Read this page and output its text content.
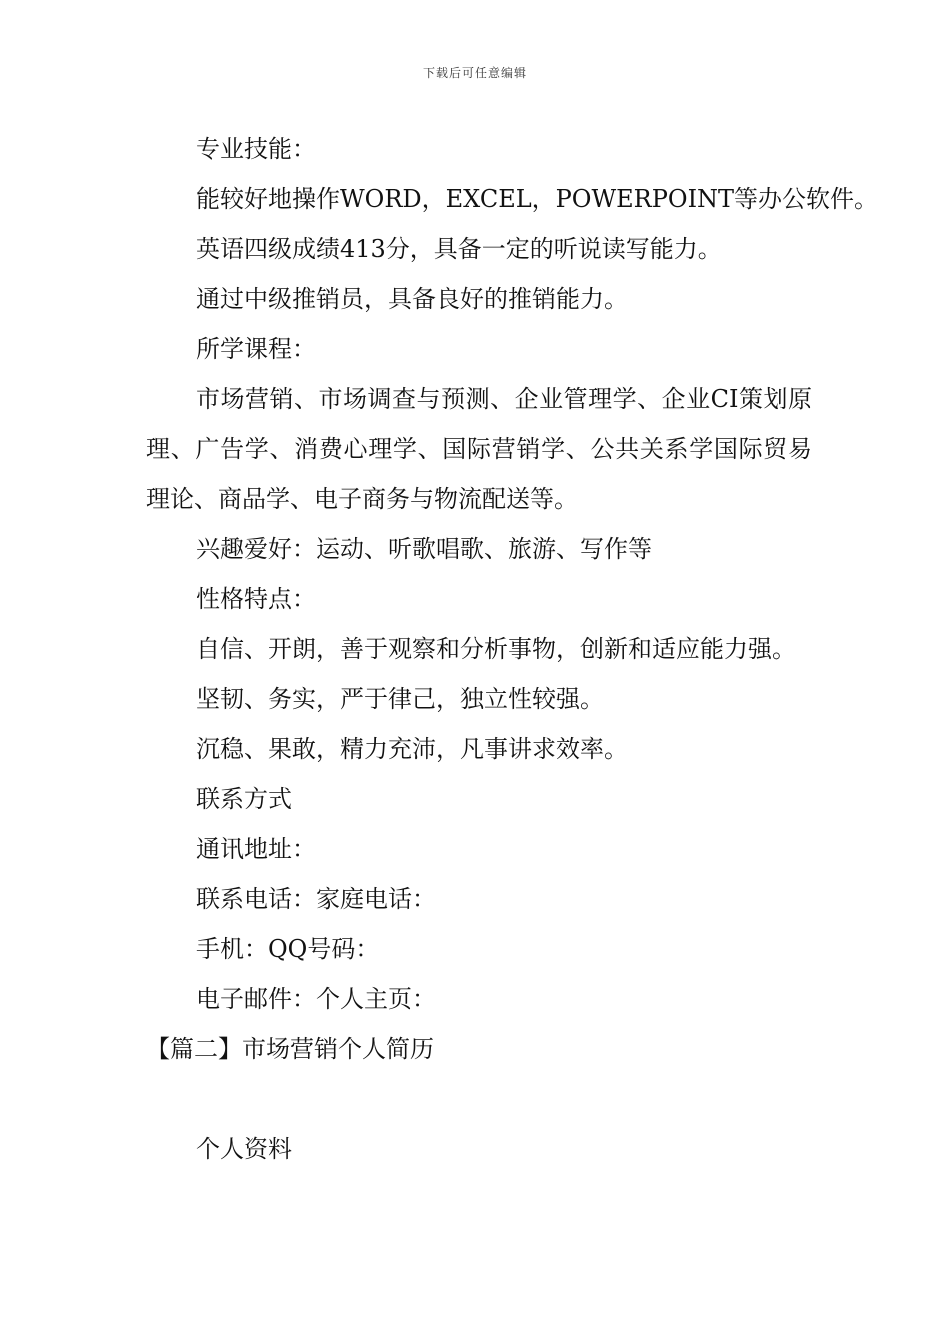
下载后可任意编辑
专业技能：
能较好地操作WORD，EXCEL，POWERPOINT等办公软件。
英语四级成绩413分，具备一定的听说读写能力。
通过中级推销员，具备良好的推销能力。
所学课程：
市场营销、市场调查与预测、企业管理学、企业CI策划原理、广告学、消费心理学、国际营销学、公共关系学国际贸易理论、商品学、电子商务与物流配送等。
兴趣爱好：运动、听歌唱歌、旅游、写作等
性格特点：
自信、开朗，善于观察和分析事物，创新和适应能力强。
坚韧、务实，严于律己，独立性较强。
沉稳、果敢，精力充沛，凡事讲求效率。
联系方式
通讯地址：
联系电话：家庭电话：
手机：QQ号码：
电子邮件：个人主页：
【篇二】市场营销个人简历
个人资料
